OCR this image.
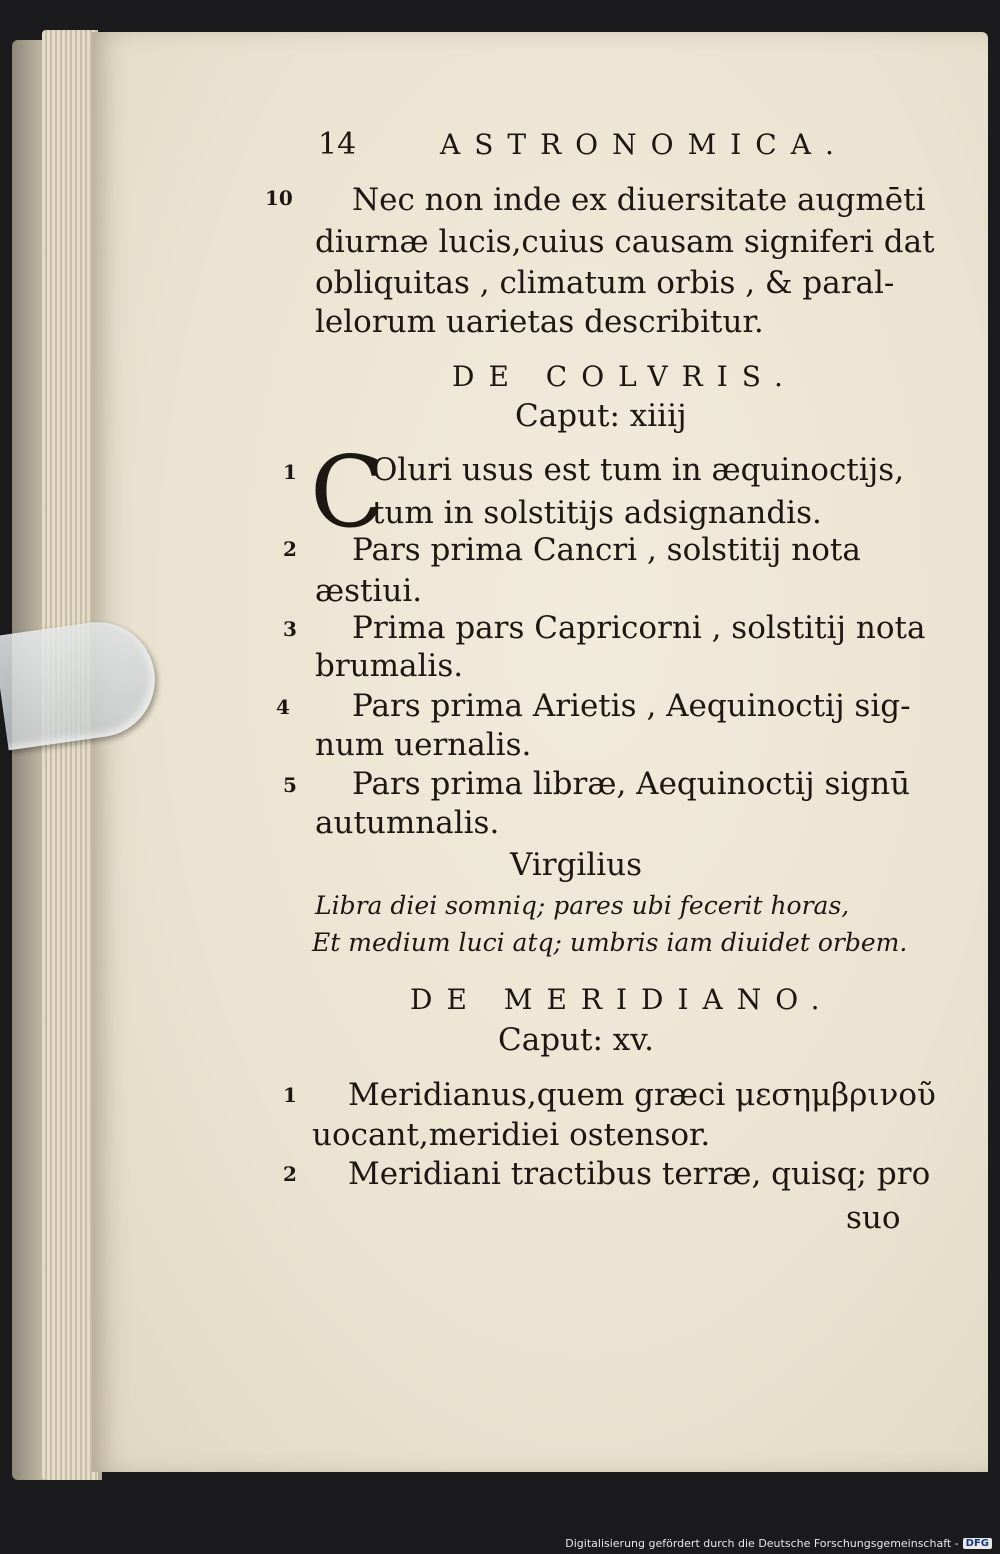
14	ASTRONOMICA.
10 Nec non inde ex diuersitate augmēti
diurnæ lucis,cuius causam signiferi dat
obliquitas , climatum orbis , & paral-
lelorum uarietas describitur.
DE COLVRIS.
Caput: xiiij
C
1 Oluri usus est tum in æquinoctijs,
tum in solstitijs adsignandis.
2 Pars prima Cancri , solstitij nota
æstiui.
3 Prima pars Capricorni , solstitij nota
brumalis.
4 Pars prima Arietis , Aequinoctij sig-
num uernalis.
5 Pars prima libræ, Aequinoctij signū
autumnalis.
Virgilius
Libra diei somniq; pares ubi fecerit horas,
Et medium luci atq; umbris iam diuidet orbem.
DE MERIDIANO.
Caput: xv.
1 Meridianus,quem græci μεσημβρινοῦ
uocant,meridiei ostensor.
2 Meridiani tractibus terræ, quisq; pro
suo
Digitalisierung gefördert durch die Deutsche Forschungsgemeinschaft - DFG
